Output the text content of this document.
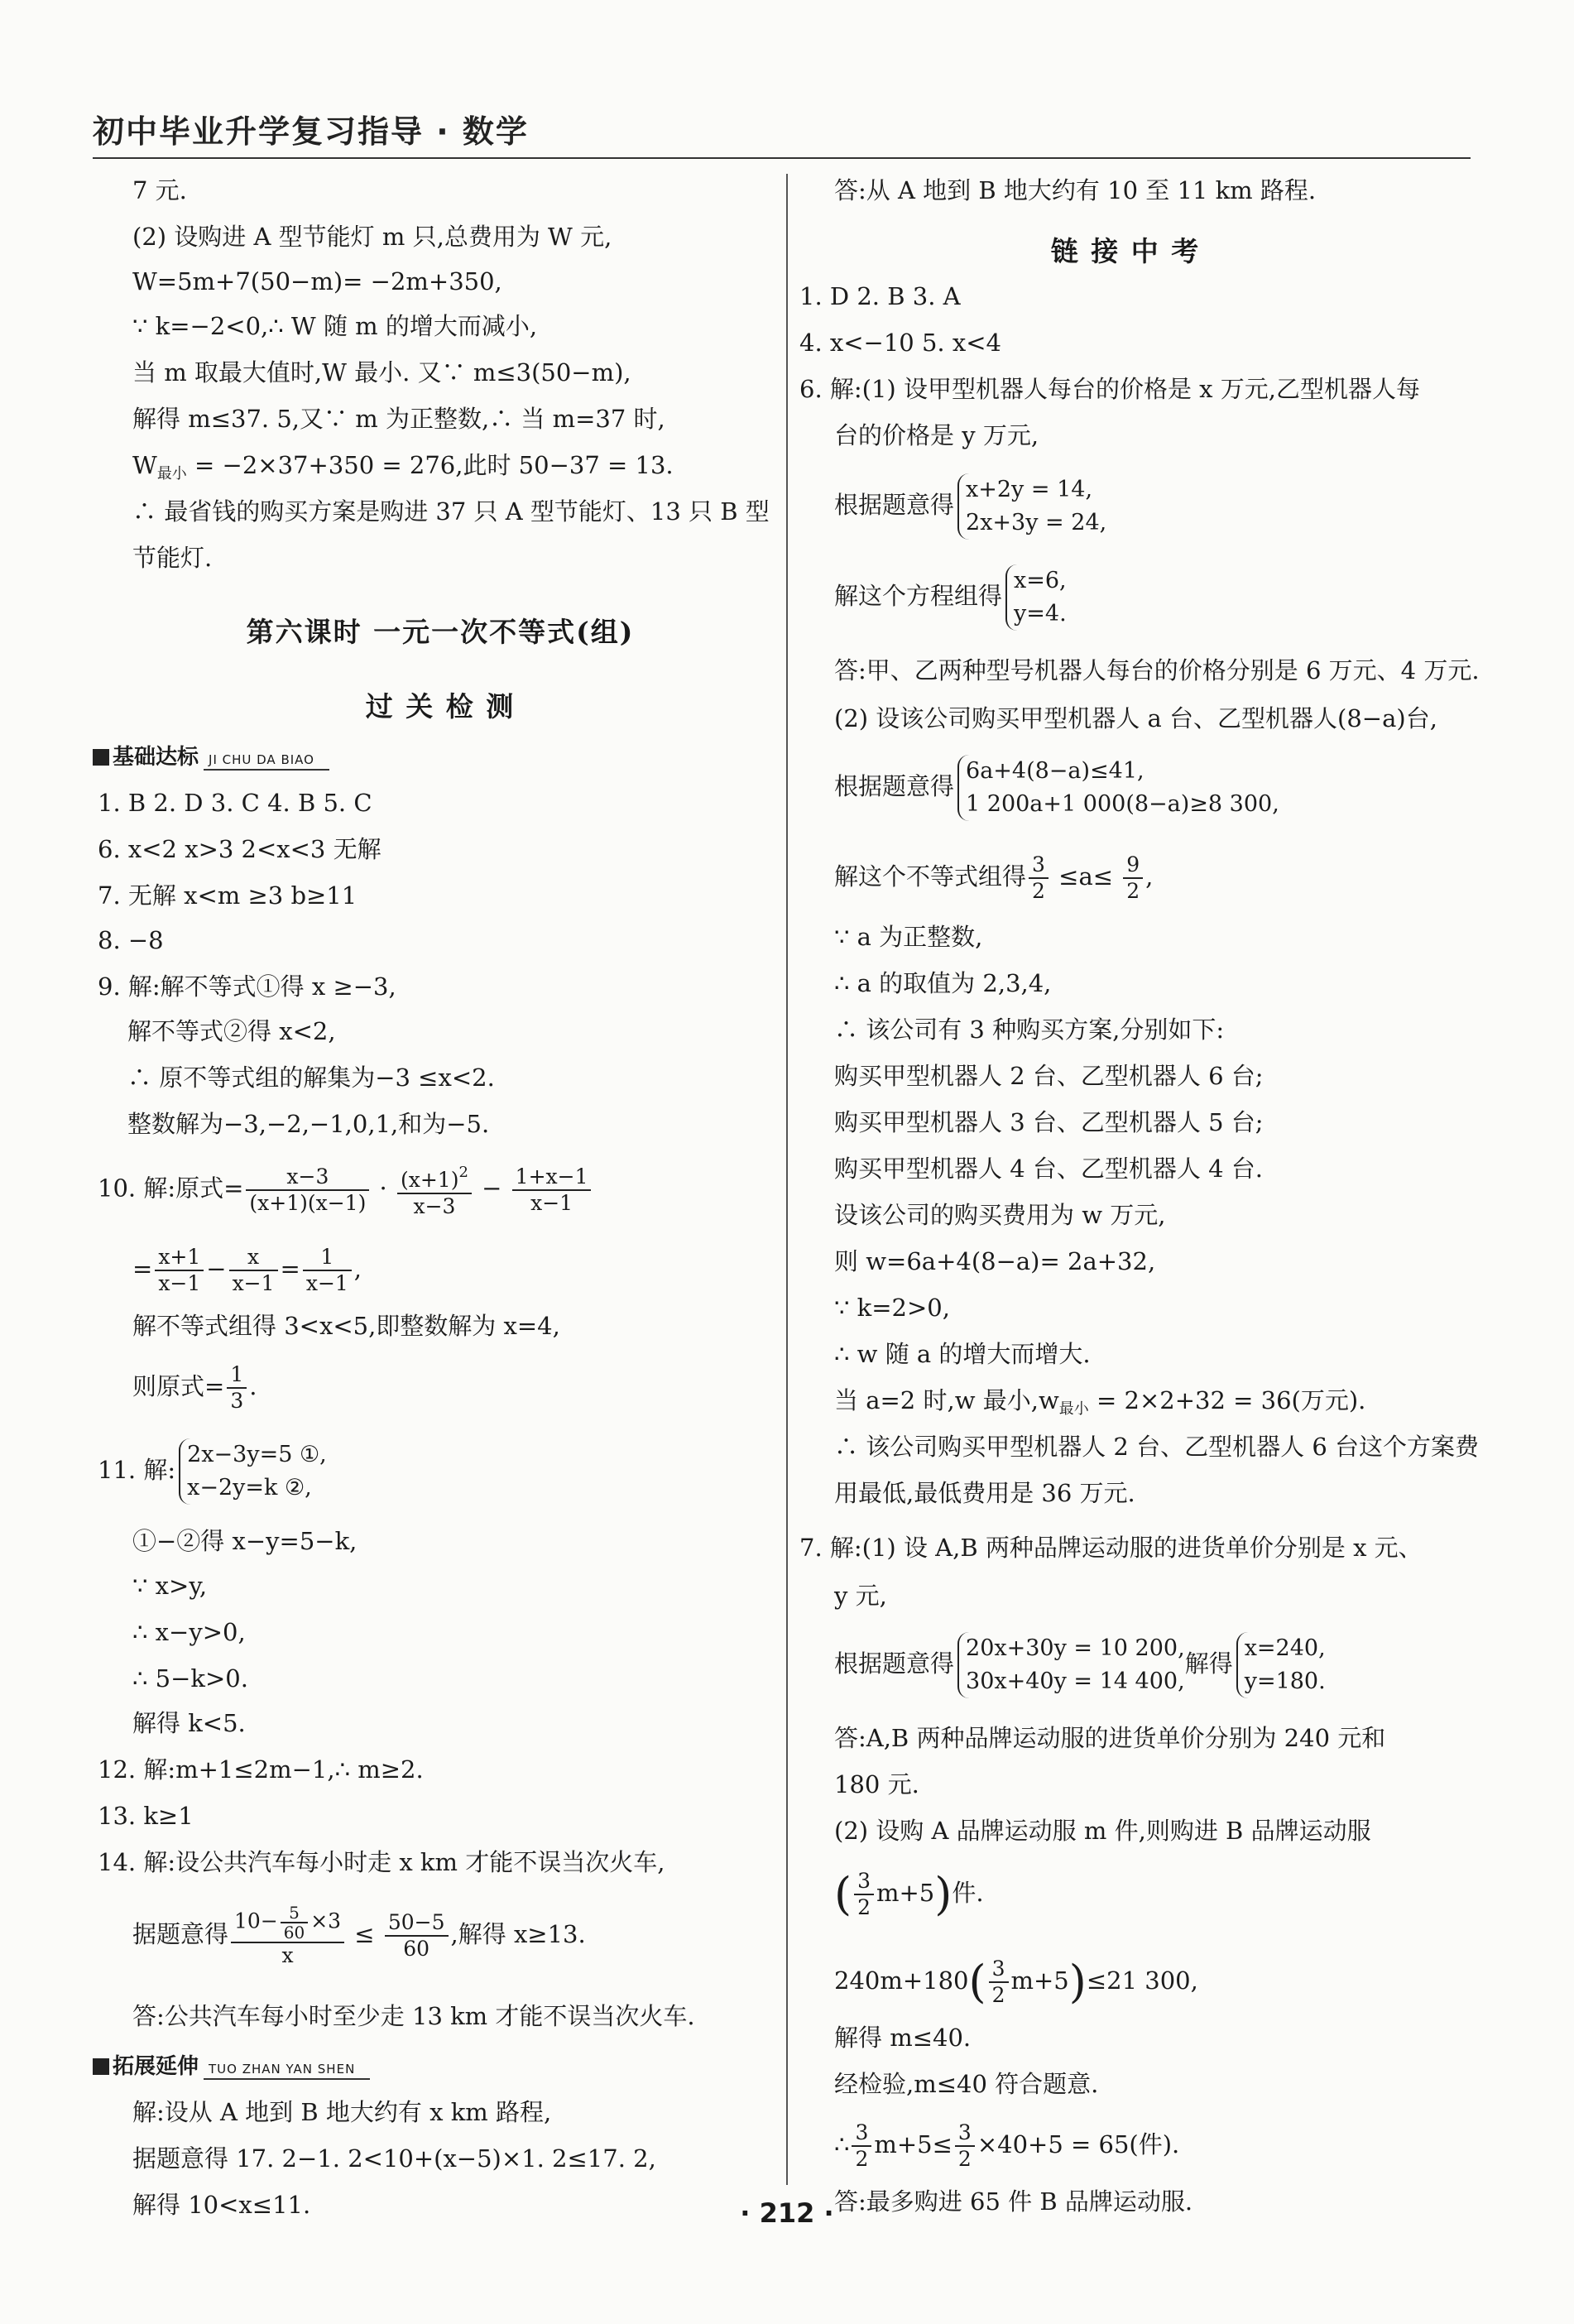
初中毕业升学复习指导 · 数学
7 元.
(2) 设购进 A 型节能灯 m 只,总费用为 W 元,
W=5m+7(50−m)= −2m+350,
∵ k=−2<0,∴ W 随 m 的增大而减小,
当 m 取最大值时,W 最小. 又∵ m≤3(50−m),
解得 m≤37. 5,又∵ m 为正整数,∴ 当 m=37 时,
$W_{最小} = -2\times 37+350 = 276$,此时 50−37 = 13.
∴ 最省钱的购买方案是购进 37 只 A 型节能灯、13 只 B 型
节能灯.
第六课时 一元一次不等式(组)
过 关 检 测
基础达标 JI CHU DA BIAO
1. B 2. D 3. C 4. B 5. C
6. x<2 x>3 2<x<3 无解
7. 无解 x<m ≥3 b≥11
8. −8
9. 解:解不等式①得 x ≥−3,
解不等式②得 x<2,
∴ 原不等式组的解集为−3 ≤x<2.
整数解为−3,−2,−1,0,1,和为−5.
10. 解:原式= $\frac{x-3}{(x+1)(x-1)} \cdot \frac{(x+1)^2}{x-3} - \frac{1+x-1}{x-1}$
= $\frac{x+1}{x-1} - \frac{x}{x-1} = \frac{1}{x-1}$ ,
解不等式组得 3<x<5,即整数解为 x=4,
则原式= $\frac{1}{3}$ .
11. 解:
2x−3y=5 ①,
x−2y=k ②,
①−②得 x−y=5−k,
∵ x>y,
∴ x−y>0,
∴ 5−k>0.
解得 k<5.
12. 解:m+1≤2m−1,∴ m≥2.
13. k≥1
14. 解:设公共汽车每小时走 x km 才能不误当次火车,
据题意得 $\frac{10- \frac{5}{60} \times 3}{x} \le \frac{50-5}{60}$ ,解得 x≥13.
答:公共汽车每小时至少走 13 km 才能不误当次火车.
拓展延伸 TUO ZHAN YAN SHEN
解:设从 A 地到 B 地大约有 x km 路程,
据题意得 17. 2−1. 2<10+(x−5)×1. 2≤17. 2,
解得 10<x≤11.
答:从 A 地到 B 地大约有 10 至 11 km 路程.
链 接 中 考
1. D 2. B 3. A
4. x<−10 5. x<4
6. 解:(1) 设甲型机器人每台的价格是 x 万元,乙型机器人每
台的价格是 y 万元,
根据题意得
x+2y = 14,
2x+3y = 24,
解这个方程组得
x=6,
y=4.
答:甲、乙两种型号机器人每台的价格分别是 6 万元、4 万元.
(2) 设该公司购买甲型机器人 a 台、乙型机器人(8−a)台,
根据题意得
6a+4(8−a)≤41,
1 200a+1 000(8−a)≥8 300,
解这个不等式组得 $\frac{3}{2} \le a\le \frac{9}{2}$ ,
∵ a 为正整数,
∴ a 的取值为 2,3,4,
∴ 该公司有 3 种购买方案,分别如下:
购买甲型机器人 2 台、乙型机器人 6 台;
购买甲型机器人 3 台、乙型机器人 5 台;
购买甲型机器人 4 台、乙型机器人 4 台.
设该公司的购买费用为 w 万元,
则 w=6a+4(8−a)= 2a+32,
∵ k=2>0,
∴ w 随 a 的增大而增大.
当 a=2 时,w 最小$,w_{最小} = 2\times 2+32 = 36$(万元).
∴ 该公司购买甲型机器人 2 台、乙型机器人 6 台这个方案费
用最低,最低费用是 36 万元.
7. 解:(1) 设 A,B 两种品牌运动服的进货单价分别是 x 元、
y 元,
根据题意得
20x+30y = 10 200,
30x+40y = 14 400,
解得
x=240,
y=180.
答:A,B 两种品牌运动服的进货单价分别为 240 元和
180 元.
(2) 设购 A 品牌运动服 m 件,则购进 B 品牌运动服
( $\frac{3}{2} m+5$)件.
$240m+180( \frac{3}{2} m+5)\le 21$ 300,
解得 m≤40.
经检验,m≤40 符合题意.
∴ $\frac{3}{2} m+5\le \frac{3}{2} \times 40+5 = 65$(件).
答:最多购进 65 件 B 品牌运动服.
· 212 ·
